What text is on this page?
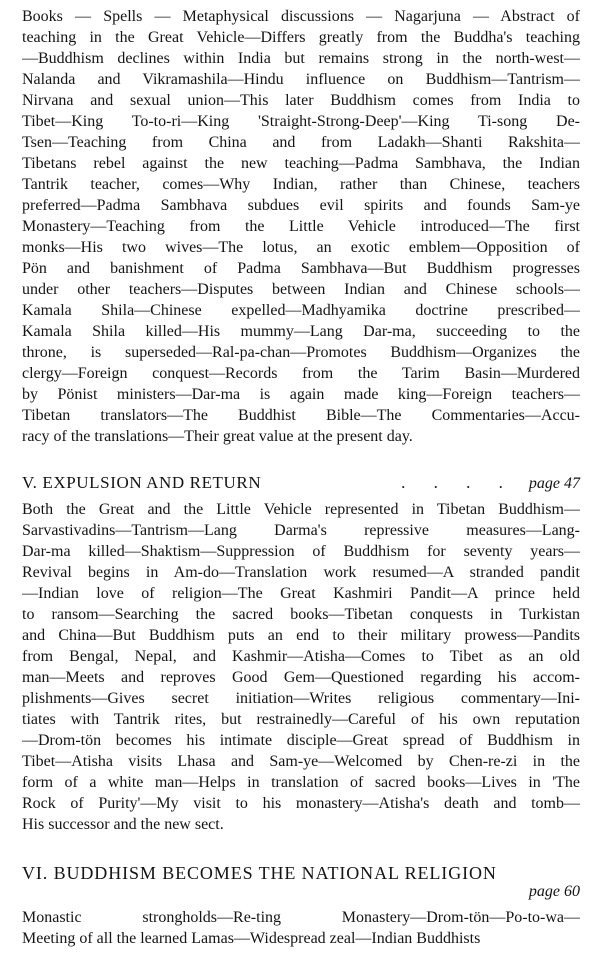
Books — Spells — Metaphysical discussions — Nagarjuna — Abstract of
teaching in the Great Vehicle—Differs greatly from the Buddha's teaching
—Buddhism declines within India but remains strong in the north-west—
Nalanda and Vikramashila—Hindu influence on Buddhism—Tantrism—
Nirvana and sexual union—This later Buddhism comes from India to
Tibet—King To-to-ri—King 'Straight-Strong-Deep'—King Ti-song De-
Tsen—Teaching from China and from Ladakh—Shanti Rakshita—
Tibetans rebel against the new teaching—Padma Sambhava, the Indian
Tantrik teacher, comes—Why Indian, rather than Chinese, teachers
preferred—Padma Sambhava subdues evil spirits and founds Sam-ye
Monastery—Teaching from the Little Vehicle introduced—The first
monks—His two wives—The lotus, an exotic emblem—Opposition of
Pön and banishment of Padma Sambhava—But Buddhism progresses
under other teachers—Disputes between Indian and Chinese schools—
Kamala Shila—Chinese expelled—Madhyamika doctrine prescribed—
Kamala Shila killed—His mummy—Lang Dar-ma, succeeding to the
throne, is superseded—Ral-pa-chan—Promotes Buddhism—Organizes the
clergy—Foreign conquest—Records from the Tarim Basin—Murdered
by Pönist ministers—Dar-ma is again made king—Foreign teachers—
Tibetan translators—The Buddhist Bible—The Commentaries—Accu-
racy of the translations—Their great value at the present day.
V. EXPULSION AND RETURN	. . . . page 47
Both the Great and the Little Vehicle represented in Tibetan Buddhism—
Sarvastivadins—Tantrism—Lang Darma's repressive measures—Lang-
Dar-ma killed—Shaktism—Suppression of Buddhism for seventy years—
Revival begins in Am-do—Translation work resumed—A stranded pandit
—Indian love of religion—The Great Kashmiri Pandit—A prince held
to ransom—Searching the sacred books—Tibetan conquests in Turkistan
and China—But Buddhism puts an end to their military prowess—Pandits
from Bengal, Nepal, and Kashmir—Atisha—Comes to Tibet as an old
man—Meets and reproves Good Gem—Questioned regarding his accom-
plishments—Gives secret initiation—Writes religious commentary—Ini-
tiates with Tantrik rites, but restrainedly—Careful of his own reputation
—Drom-tön becomes his intimate disciple—Great spread of Buddhism in
Tibet—Atisha visits Lhasa and Sam-ye—Welcomed by Chen-re-zi in the
form of a white man—Helps in translation of sacred books—Lives in 'The
Rock of Purity'—My visit to his monastery—Atisha's death and tomb—
His successor and the new sect.
VI. BUDDHISM BECOMES THE NATIONAL RELIGION
page 60
Monastic strongholds—Re-ting Monastery—Drom-tön—Po-to-wa—
Meeting of all the learned Lamas—Widespread zeal—Indian Buddhists
